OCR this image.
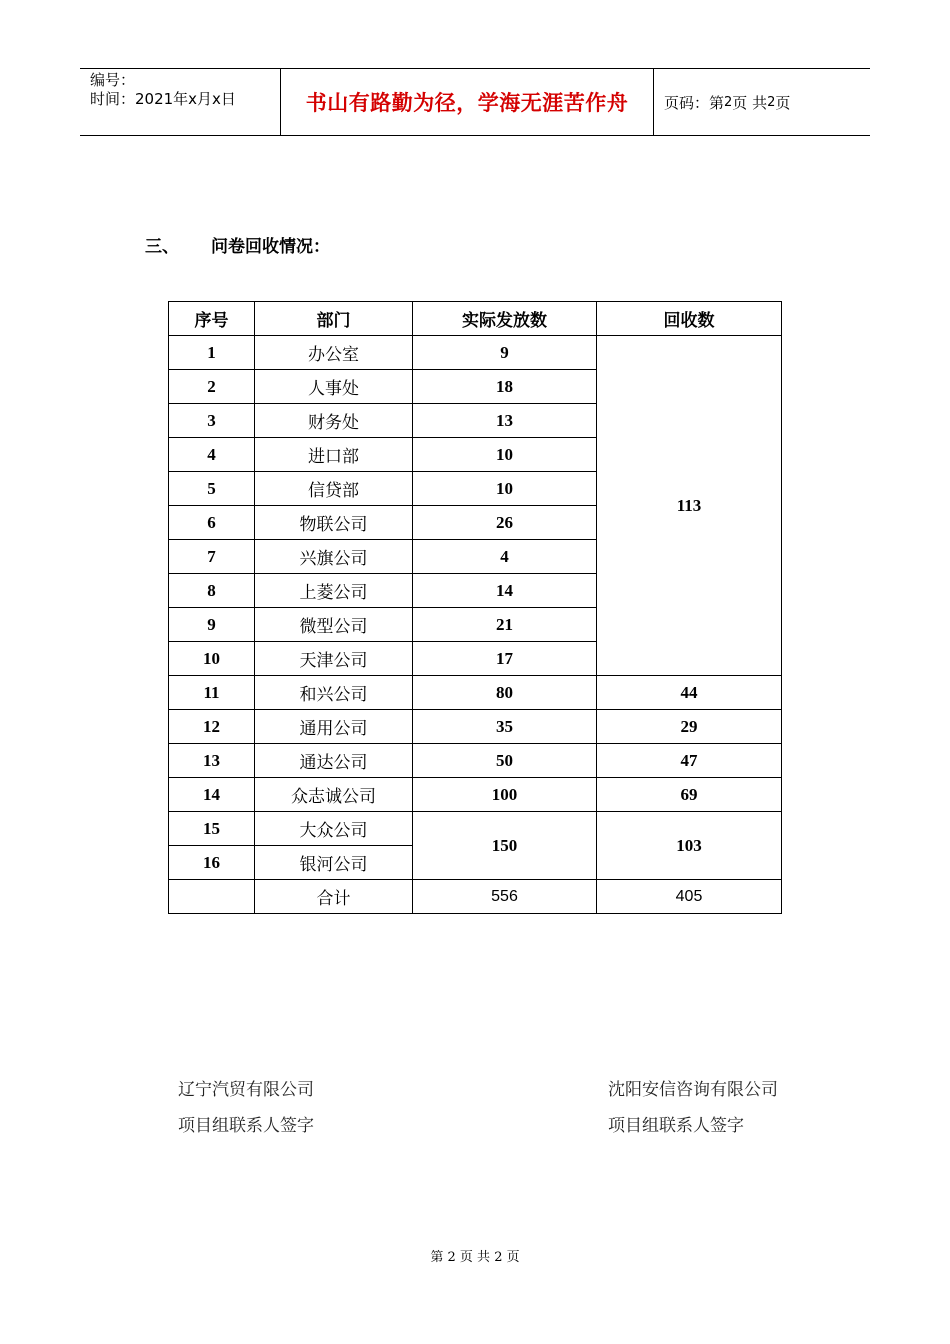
编号：
时间：2021年x月x日	书山有路勤为径，学海无涯苦作舟 页码：第 2 页 共 2 页
三、 问卷回收情况：
序号	部门	实际发放数	回收数
1	办公室	9	113
2	人事处	18	
3	财务处	13	
4	进口部	10	
5	信贷部	10	
6	物联公司	26	
7	兴旗公司	4	
8	上菱公司	14	
9	微型公司	21	
10	天津公司	17	
11	和兴公司	80	44
12	通用公司	35	29
13	通达公司	50	47
14	众志诚公司	100	69
15	大众公司	150	103
16	银河公司		
	合计	556	405
辽宁汽贸有限公司
项目组联系人签字
沈阳安信咨询有限公司
项目组联系人签字
第 2 页 共 2 页
